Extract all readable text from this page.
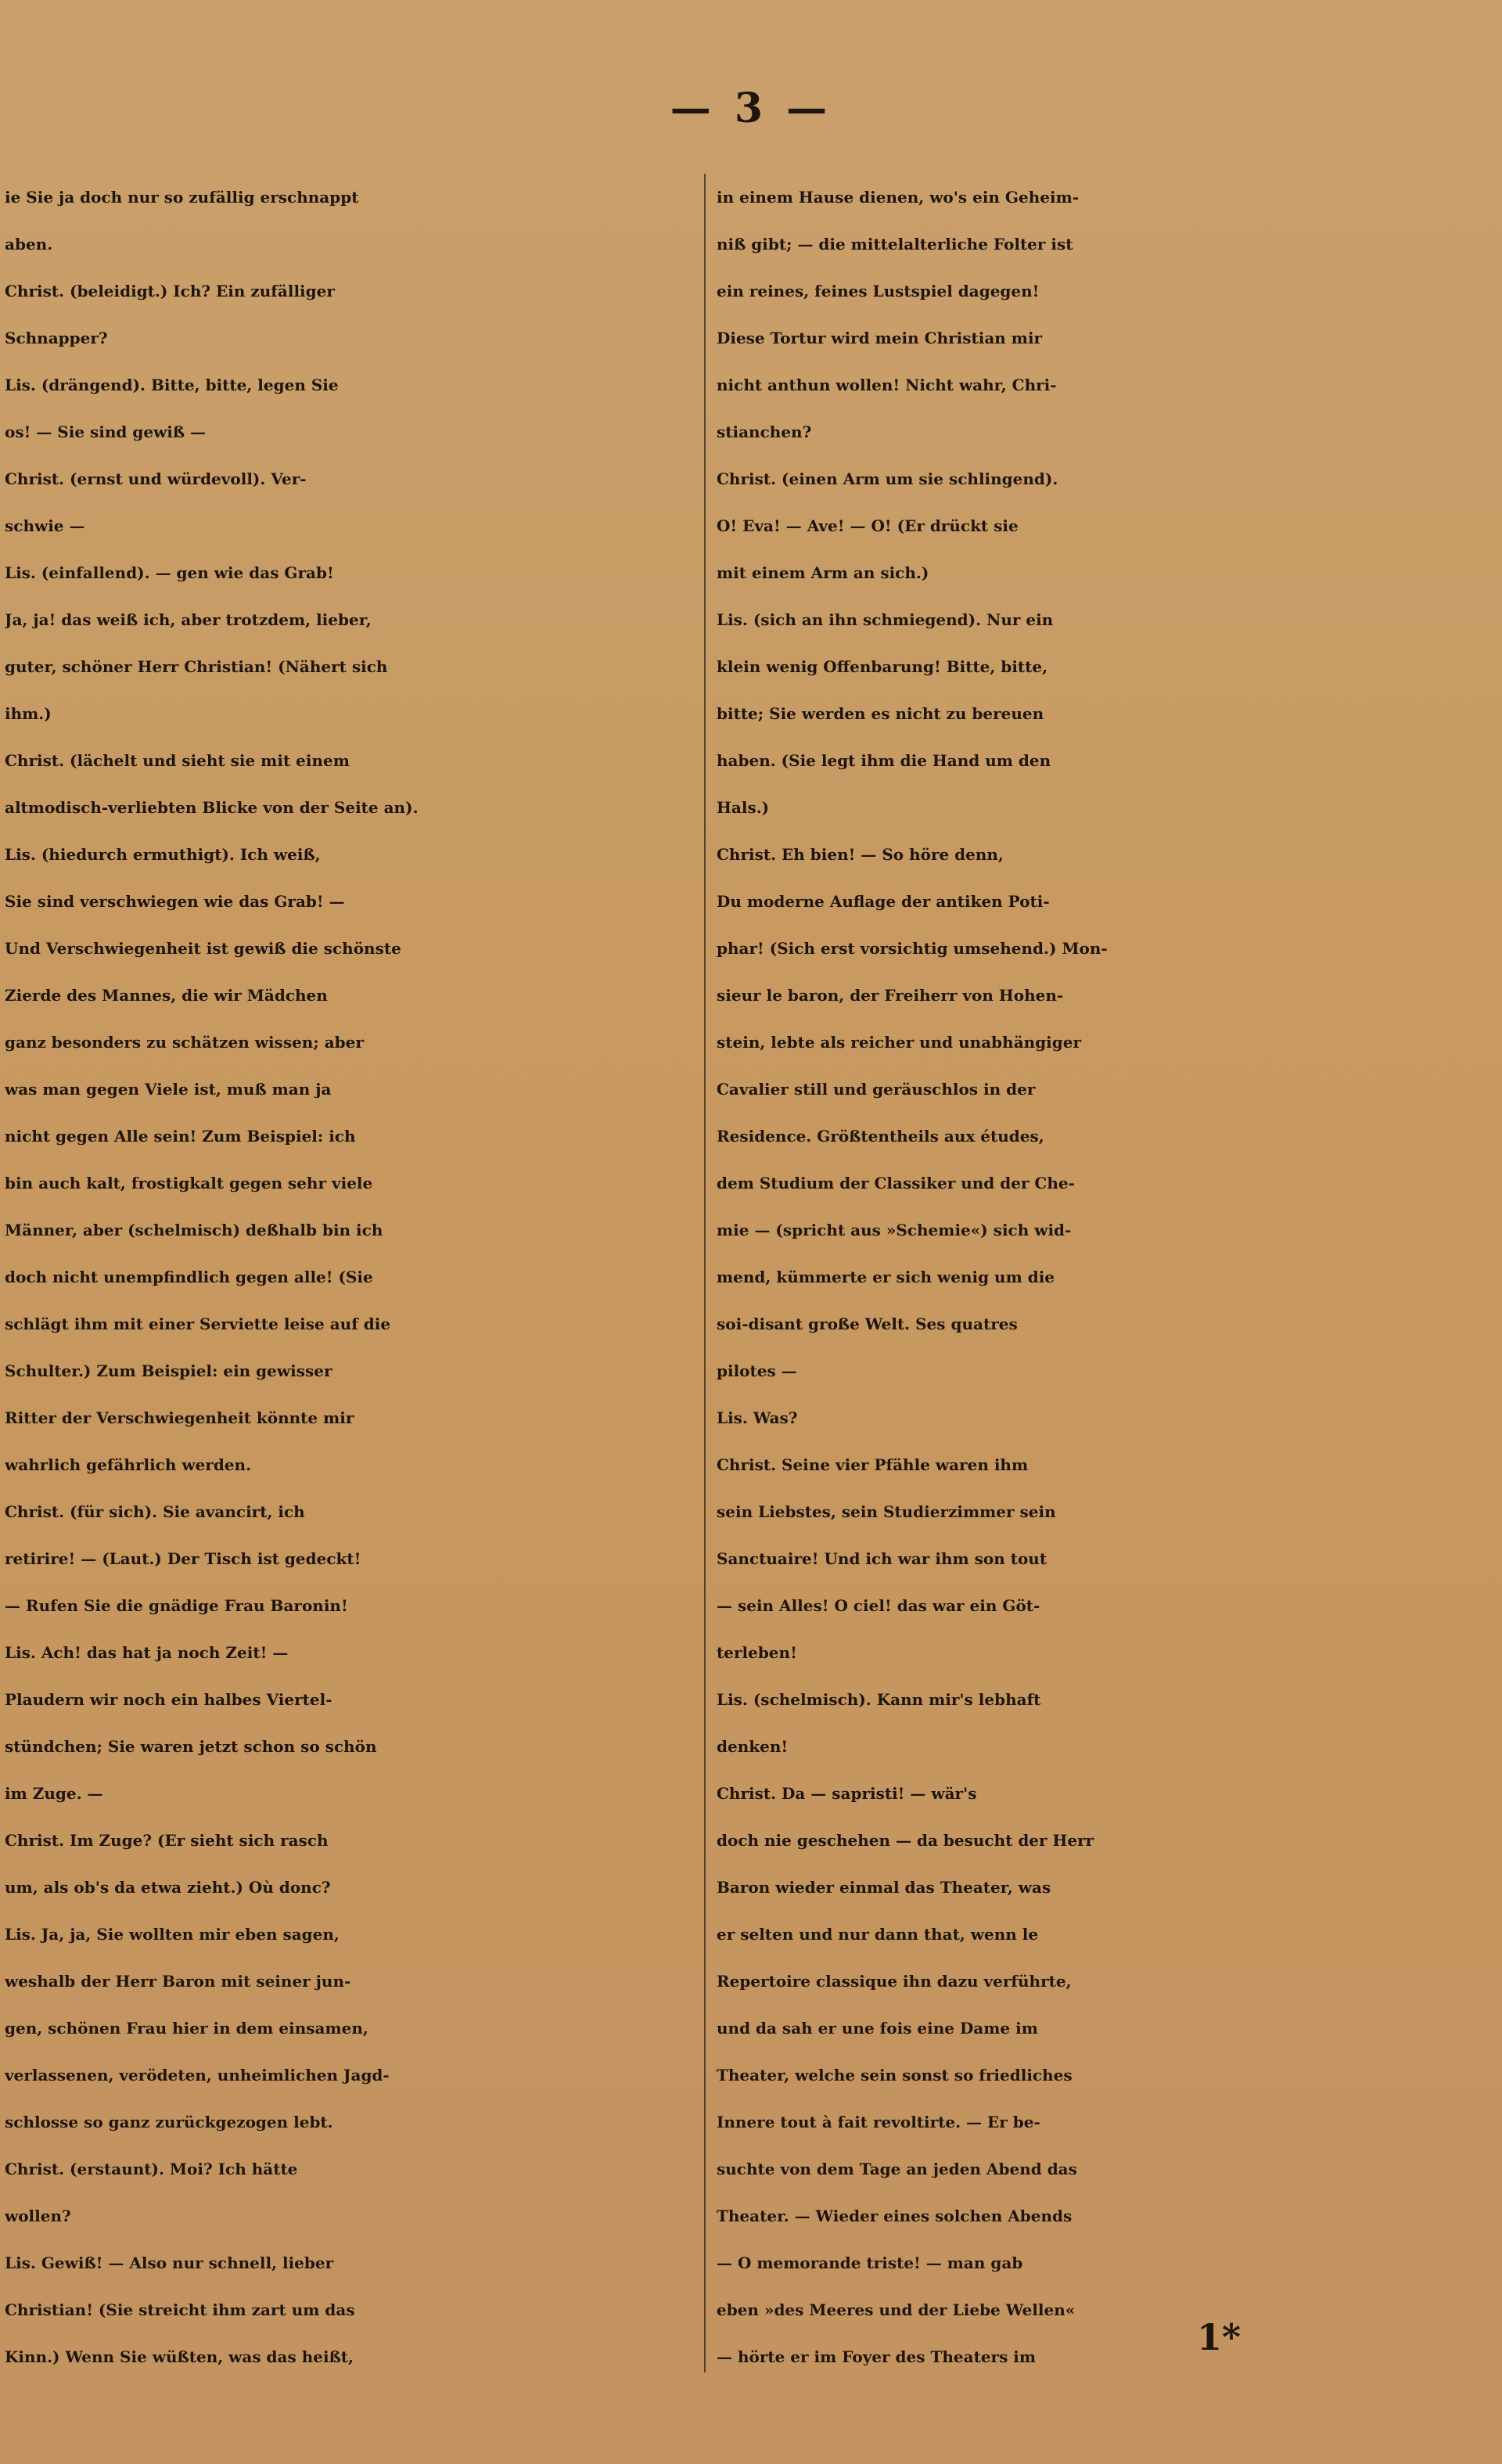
— 3 —
ie Sie ja doch nur so zufällig erschnappt
aben.
Christ. (beleidigt.) Ich? Ein zufälliger
Schnapper?
Lis. (drängend). Bitte, bitte, legen Sie
os! — Sie sind gewiß —
Christ. (ernst und würdevoll). Ver-
schwie —
Lis. (einfallend). — gen wie das Grab!
Ja, ja! das weiß ich, aber trotzdem, lieber,
guter, schöner Herr Christian! (Nähert sich
ihm.)
Christ. (lächelt und sieht sie mit einem
altmodisch-verliebten Blicke von der Seite an).
Lis. (hiedurch ermuthigt). Ich weiß,
Sie sind verschwiegen wie das Grab! —
Und Verschwiegenheit ist gewiß die schönste
Zierde des Mannes, die wir Mädchen
ganz besonders zu schätzen wissen; aber
was man gegen Viele ist, muß man ja
nicht gegen Alle sein! Zum Beispiel: ich
bin auch kalt, frostigkalt gegen sehr viele
Männer, aber (schelmisch) deßhalb bin ich
doch nicht unempfindlich gegen alle! (Sie
schlägt ihm mit einer Serviette leise auf die
Schulter.) Zum Beispiel: ein gewisser
Ritter der Verschwiegenheit könnte mir
wahrlich gefährlich werden.
Christ. (für sich). Sie avancirt, ich
retirire! — (Laut.) Der Tisch ist gedeckt!
— Rufen Sie die gnädige Frau Baronin!
Lis. Ach! das hat ja noch Zeit! —
Plaudern wir noch ein halbes Viertel-
stündchen; Sie waren jetzt schon so schön
im Zuge. —
Christ. Im Zuge? (Er sieht sich rasch
um, als ob's da etwa zieht.) Où donc?
Lis. Ja, ja, Sie wollten mir eben sagen,
weshalb der Herr Baron mit seiner jun-
gen, schönen Frau hier in dem einsamen,
verlassenen, verödeten, unheimlichen Jagd-
schlosse so ganz zurückgezogen lebt.
Christ. (erstaunt). Moi? Ich hätte
wollen?
Lis. Gewiß! — Also nur schnell, lieber
Christian! (Sie streicht ihm zart um das
Kinn.) Wenn Sie wüßten, was das heißt,
in einem Hause dienen, wo's ein Geheim-
niß gibt; — die mittelalterliche Folter ist
ein reines, feines Lustspiel dagegen!
Diese Tortur wird mein Christian mir
nicht anthun wollen! Nicht wahr, Chri-
stianchen?
Christ. (einen Arm um sie schlingend).
O! Eva! — Ave! — O! (Er drückt sie
mit einem Arm an sich.)
Lis. (sich an ihn schmiegend). Nur ein
klein wenig Offenbarung! Bitte, bitte,
bitte; Sie werden es nicht zu bereuen
haben. (Sie legt ihm die Hand um den
Hals.)
Christ. Eh bien! — So höre denn,
Du moderne Auflage der antiken Poti-
phar! (Sich erst vorsichtig umsehend.) Mon-
sieur le baron, der Freiherr von Hohen-
stein, lebte als reicher und unabhängiger
Cavalier still und geräuschlos in der
Residence. Größtentheils aux études,
dem Studium der Classiker und der Che-
mie — (spricht aus »Schemie«) sich wid-
mend, kümmerte er sich wenig um die
soi-disant große Welt. Ses quatres
pilotes —
Lis. Was?
Christ. Seine vier Pfähle waren ihm
sein Liebstes, sein Studierzimmer sein
Sanctuaire! Und ich war ihm son tout
— sein Alles! O ciel! das war ein Göt-
terleben!
Lis. (schelmisch). Kann mir's lebhaft
denken!
Christ. Da — sapristi! — wär's
doch nie geschehen — da besucht der Herr
Baron wieder einmal das Theater, was
er selten und nur dann that, wenn le
Repertoire classique ihn dazu verführte,
und da sah er une fois eine Dame im
Theater, welche sein sonst so friedliches
Innere tout à fait revoltirte. — Er be-
suchte von dem Tage an jeden Abend das
Theater. — Wieder eines solchen Abends
— O memorande triste! — man gab
eben »des Meeres und der Liebe Wellen«
— hörte er im Foyer des Theaters im	1*
